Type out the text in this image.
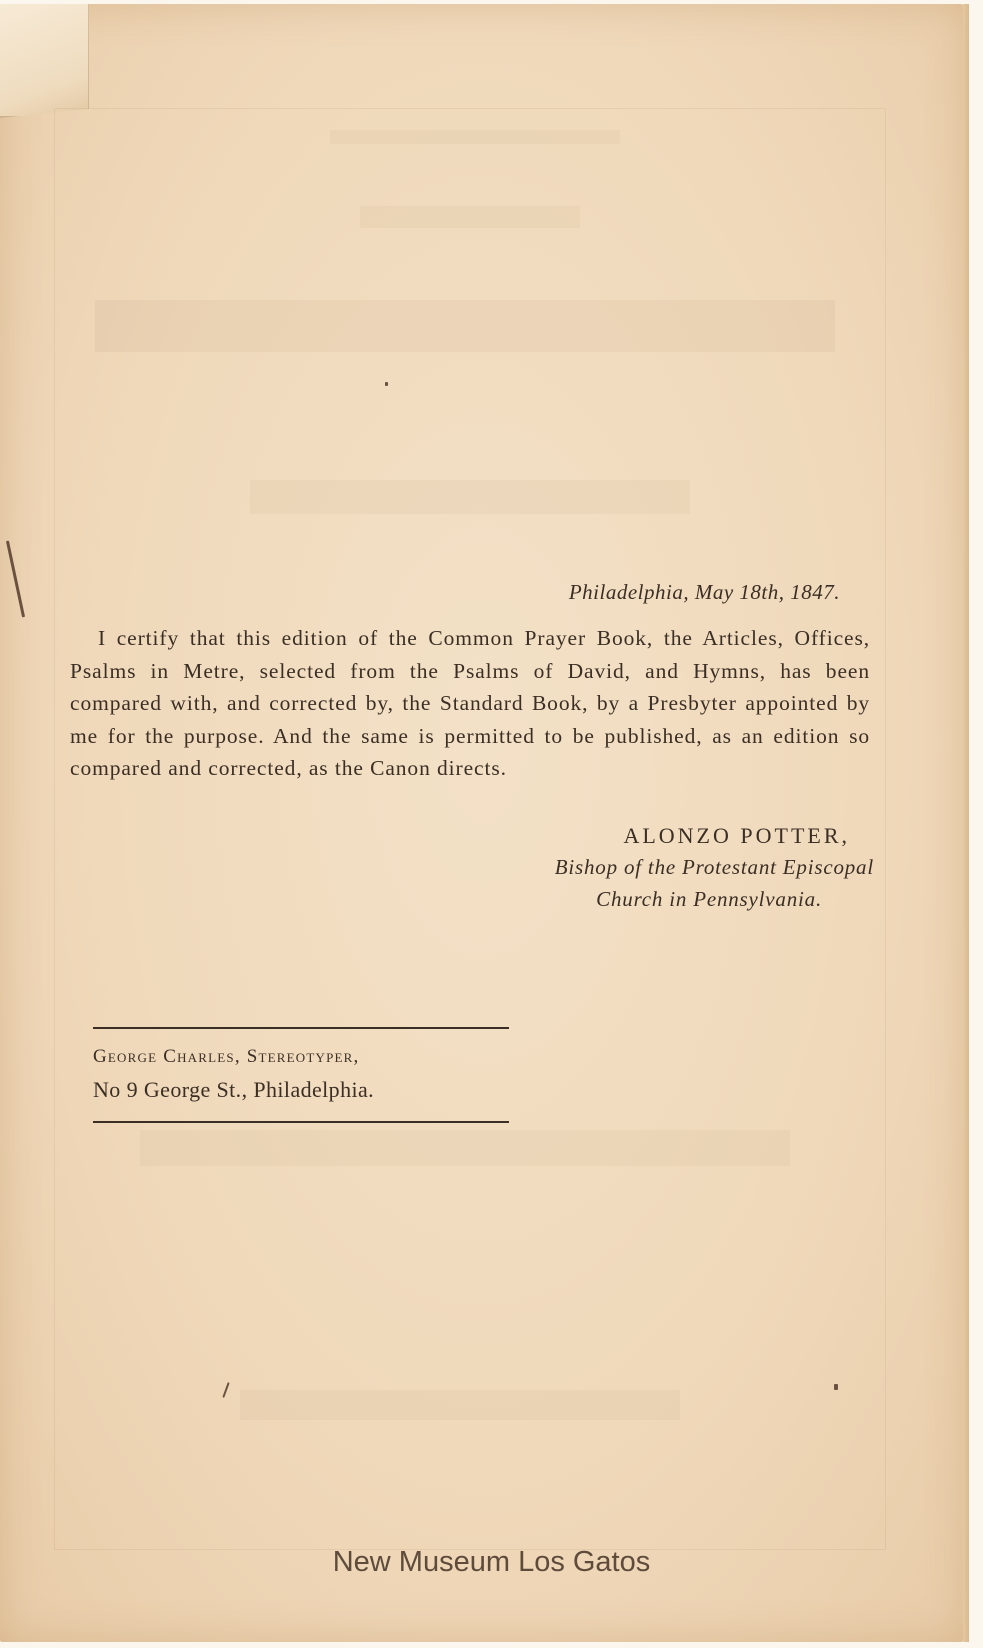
Philadelphia, May 18th, 1847.

I certify that this edition of the Common Prayer Book, the Articles, Offices, Psalms in Metre, selected from the Psalms of David, and Hymns, has been compared with, and corrected by, the Standard Book, by a Presbyter appointed by me for the purpose. And the same is permitted to be published, as an edition so compared and corrected, as the Canon directs.

ALONZO POTTER,
Bishop of the Protestant Episcopal
Church in Pennsylvania.
George Charles, Stereotyper,
No 9 George St., Philadelphia.
New Museum Los Gatos
